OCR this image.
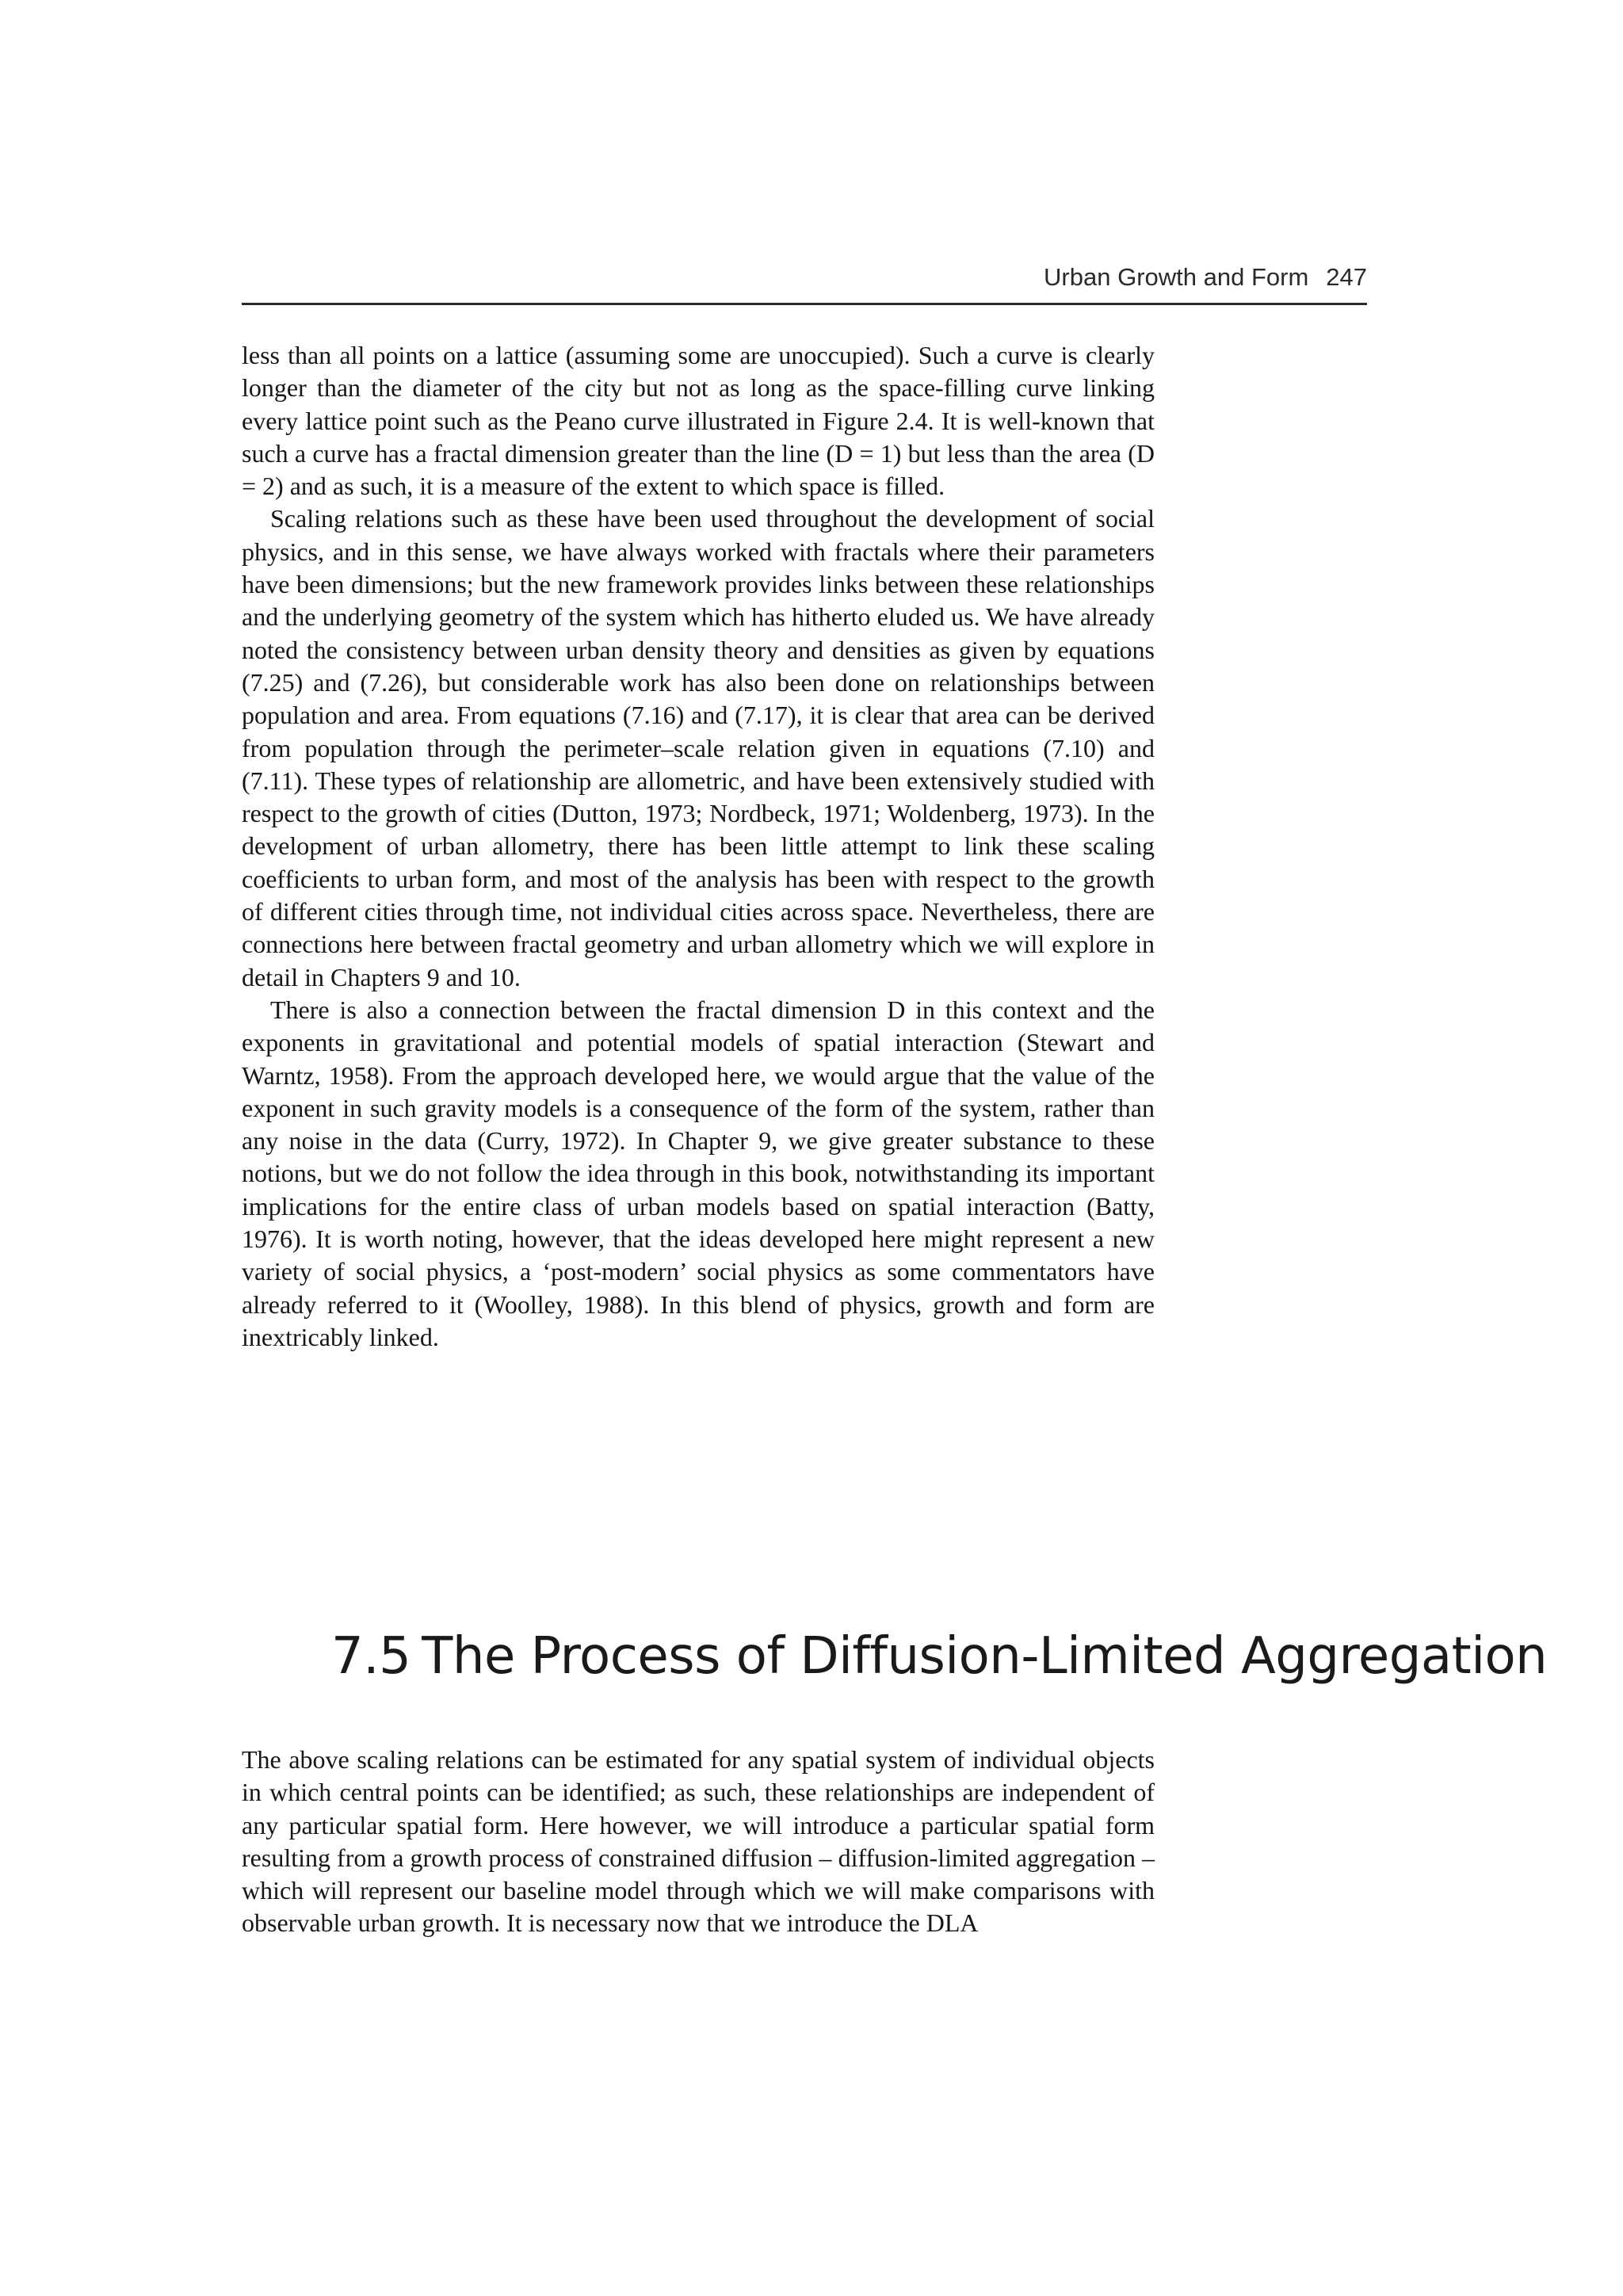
Urban Growth and Form 247

less than all points on a lattice (assuming some are unoccupied). Such a curve is clearly longer than the diameter of the city but not as long as the space-filling curve linking every lattice point such as the Peano curve illustrated in Figure 2.4. It is well-known that such a curve has a fractal dimension greater than the line (D = 1) but less than the area (D = 2) and as such, it is a measure of the extent to which space is filled.

Scaling relations such as these have been used throughout the development of social physics, and in this sense, we have always worked with fractals where their parameters have been dimensions; but the new framework provides links between these relationships and the underlying geometry of the system which has hitherto eluded us. We have already noted the consistency between urban density theory and densities as given by equations (7.25) and (7.26), but considerable work has also been done on relationships between population and area. From equations (7.16) and (7.17), it is clear that area can be derived from population through the perimeter–scale relation given in equations (7.10) and (7.11). These types of relationship are allometric, and have been extensively studied with respect to the growth of cities (Dutton, 1973; Nordbeck, 1971; Woldenberg, 1973). In the development of urban allometry, there has been little attempt to link these scaling coefficients to urban form, and most of the analysis has been with respect to the growth of different cities through time, not individual cities across space. Nevertheless, there are connections here between fractal geometry and urban allometry which we will explore in detail in Chapters 9 and 10.

There is also a connection between the fractal dimension D in this context and the exponents in gravitational and potential models of spatial interaction (Stewart and Warntz, 1958). From the approach developed here, we would argue that the value of the exponent in such gravity models is a consequence of the form of the system, rather than any noise in the data (Curry, 1972). In Chapter 9, we give greater substance to these notions, but we do not follow the idea through in this book, notwithstanding its important implications for the entire class of urban models based on spatial interaction (Batty, 1976). It is worth noting, however, that the ideas developed here might represent a new variety of social physics, a ‘post-modern’ social physics as some commentators have already referred to it (Woolley, 1988). In this blend of physics, growth and form are inextricably linked.

7.5 The Process of Diffusion-Limited Aggregation

The above scaling relations can be estimated for any spatial system of individual objects in which central points can be identified; as such, these relationships are independent of any particular spatial form. Here however, we will introduce a particular spatial form resulting from a growth process of constrained diffusion – diffusion-limited aggregation – which will represent our baseline model through which we will make comparisons with observable urban growth. It is necessary now that we introduce the DLA
